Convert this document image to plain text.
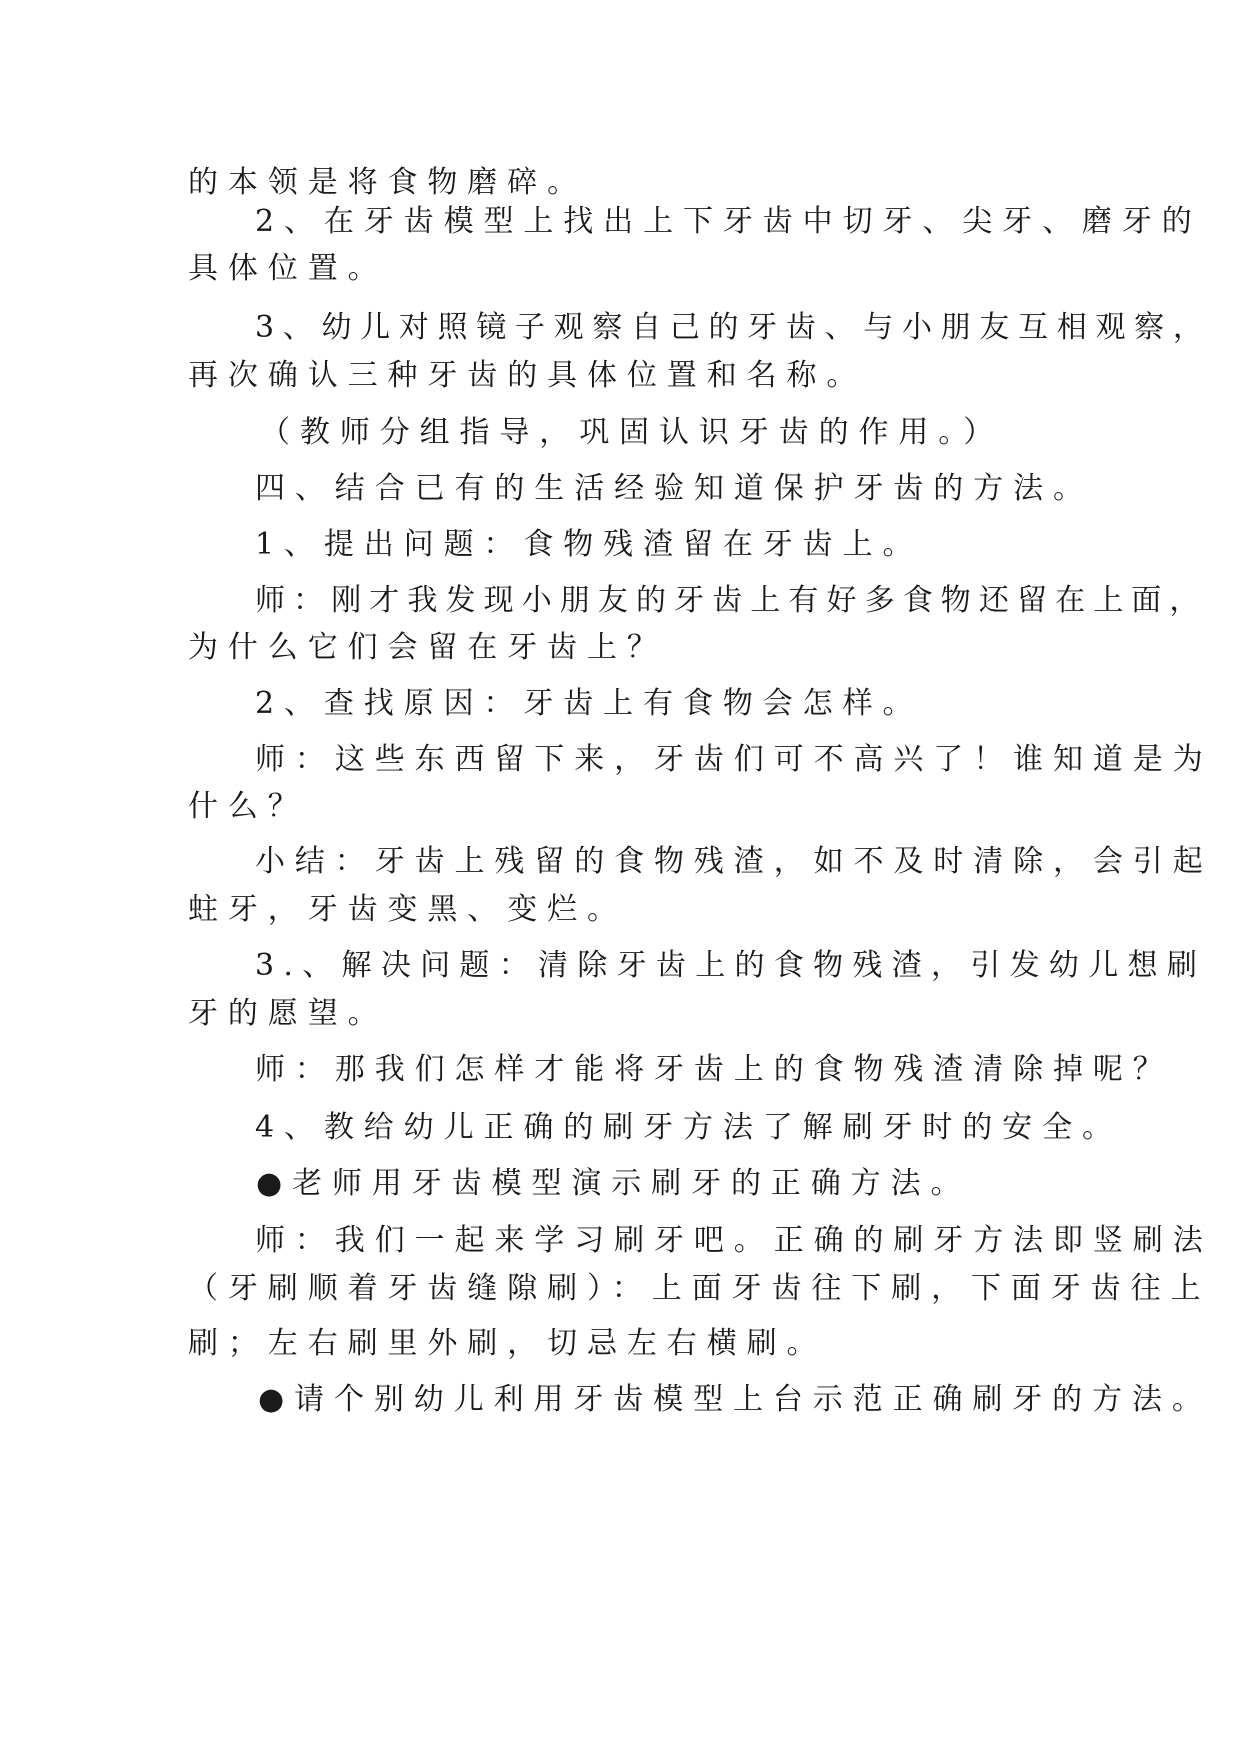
的本领是将食物磨碎。
2、在牙齿模型上找出上下牙齿中切牙、尖牙、磨牙的
具体位置。
3、幼儿对照镜子观察自己的牙齿、与小朋友互相观察，
再次确认三种牙齿的具体位置和名称。
（教师分组指导，巩固认识牙齿的作用。）
四、结合已有的生活经验知道保护牙齿的方法。
1、提出问题：食物残渣留在牙齿上。
师：刚才我发现小朋友的牙齿上有好多食物还留在上面，
为什么它们会留在牙齿上？
2、查找原因：牙齿上有食物会怎样。
师：这些东西留下来，牙齿们可不高兴了！谁知道是为
什么？
小结：牙齿上残留的食物残渣，如不及时清除，会引起
蛀牙，牙齿变黑、变烂。
3.、解决问题：清除牙齿上的食物残渣，引发幼儿想刷
牙的愿望。
师：那我们怎样才能将牙齿上的食物残渣清除掉呢？
4、教给幼儿正确的刷牙方法了解刷牙时的安全。
●老师用牙齿模型演示刷牙的正确方法。
师：我们一起来学习刷牙吧。正确的刷牙方法即竖刷法
（牙刷顺着牙齿缝隙刷）：上面牙齿往下刷，下面牙齿往上
刷；左右刷里外刷，切忌左右横刷。
●请个别幼儿利用牙齿模型上台示范正确刷牙的方法。
